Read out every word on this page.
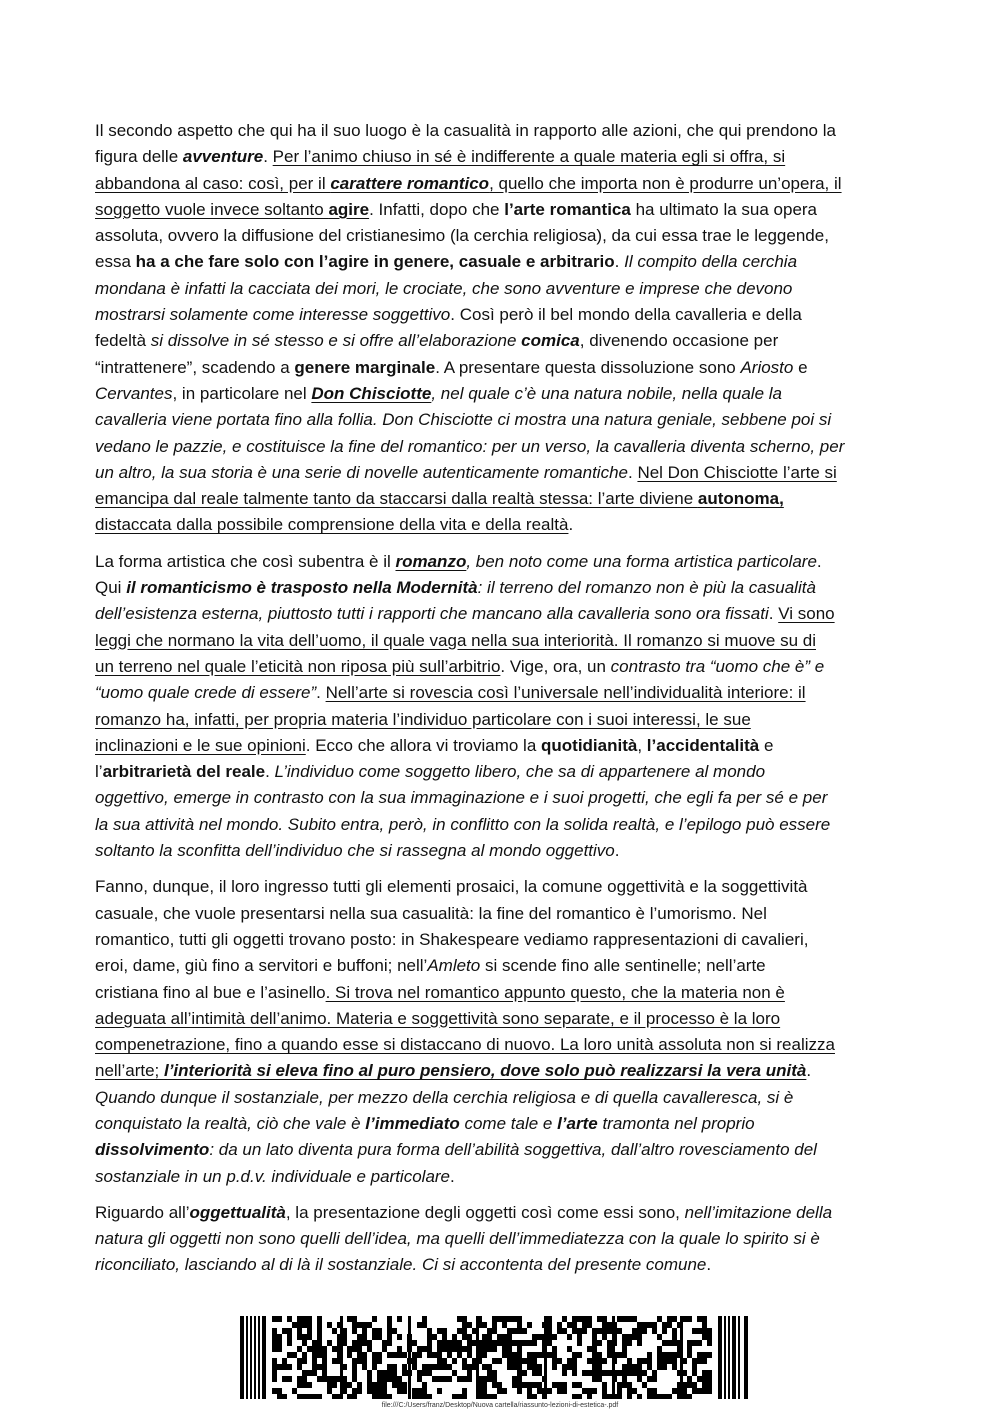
Il secondo aspetto che qui ha il suo luogo è la casualità in rapporto alle azioni, che qui prendono la
figura delle avventure. Per l’animo chiuso in sé è indifferente a quale materia egli si offra, si
abbandona al caso: così, per il carattere romantico, quello che importa non è produrre un’opera, il
soggetto vuole invece soltanto agire. Infatti, dopo che l’arte romantica ha ultimato la sua opera
assoluta, ovvero la diffusione del cristianesimo (la cerchia religiosa), da cui essa trae le leggende,
essa ha a che fare solo con l’agire in genere, casuale e arbitrario. Il compito della cerchia
mondana è infatti la cacciata dei mori, le crociate, che sono avventure e imprese che devono
mostrarsi solamente come interesse soggettivo. Così però il bel mondo della cavalleria e della
fedeltà si dissolve in sé stesso e si offre all’elaborazione comica, divenendo occasione per
“intrattenere”, scadendo a genere marginale. A presentare questa dissoluzione sono Ariosto e
Cervantes, in particolare nel Don Chisciotte, nel quale c’è una natura nobile, nella quale la
cavalleria viene portata fino alla follia. Don Chisciotte ci mostra una natura geniale, sebbene poi si
vedano le pazzie, e costituisce la fine del romantico: per un verso, la cavalleria diventa scherno, per
un altro, la sua storia è una serie di novelle autenticamente romantiche. Nel Don Chisciotte l’arte si
emancipa dal reale talmente tanto da staccarsi dalla realtà stessa: l’arte diviene autonoma,
distaccata dalla possibile comprensione della vita e della realtà.
La forma artistica che così subentra è il romanzo, ben noto come una forma artistica particolare.
Qui il romanticismo è trasposto nella Modernità: il terreno del romanzo non è più la casualità
dell’esistenza esterna, piuttosto tutti i rapporti che mancano alla cavalleria sono ora fissati. Vi sono
leggi che normano la vita dell’uomo, il quale vaga nella sua interiorità. Il romanzo si muove su di
un terreno nel quale l’eticità non riposa più sull’arbitrio. Vige, ora, un contrasto tra “uomo che è” e
“uomo quale crede di essere”. Nell’arte si rovescia così l’universale nell’individualità interiore: il
romanzo ha, infatti, per propria materia l’individuo particolare con i suoi interessi, le sue
inclinazioni e le sue opinioni. Ecco che allora vi troviamo la quotidianità, l’accidentalità e
l’arbitrarietà del reale. L’individuo come soggetto libero, che sa di appartenere al mondo
oggettivo, emerge in contrasto con la sua immaginazione e i suoi progetti, che egli fa per sé e per
la sua attività nel mondo. Subito entra, però, in conflitto con la solida realtà, e l’epilogo può essere
soltanto la sconfitta dell’individuo che si rassegna al mondo oggettivo.
Fanno, dunque, il loro ingresso tutti gli elementi prosaici, la comune oggettività e la soggettività
casuale, che vuole presentarsi nella sua casualità: la fine del romantico è l’umorismo. Nel
romantico, tutti gli oggetti trovano posto: in Shakespeare vediamo rappresentazioni di cavalieri,
eroi, dame, giù fino a servitori e buffoni; nell’Amleto si scende fino alle sentinelle; nell’arte
cristiana fino al bue e l’asinello. Si trova nel romantico appunto questo, che la materia non è
adeguata all’intimità dell’animo. Materia e soggettività sono separate, e il processo è la loro
compenetrazione, fino a quando esse si distaccano di nuovo. La loro unità assoluta non si realizza
nell’arte; l’interiorità si eleva fino al puro pensiero, dove solo può realizzarsi la vera unità.
Quando dunque il sostanziale, per mezzo della cerchia religiosa e di quella cavalleresca, si è
conquistato la realtà, ciò che vale è l’immediato come tale e l’arte tramonta nel proprio
dissolvimento: da un lato diventa pura forma dell’abilità soggettiva, dall’altro rovesciamento del
sostanziale in un p.d.v. individuale e particolare.
Riguardo all’oggettualità, la presentazione degli oggetti così come essi sono, nell’imitazione della
natura gli oggetti non sono quelli dell’idea, ma quelli dell’immediatezza con la quale lo spirito si è
riconciliato, lasciando al di là il sostanziale. Ci si accontenta del presente comune.
file:///C:/Users/franz/Desktop/Nuova cartella/riassunto-lezioni-di-estetica-.pdf
